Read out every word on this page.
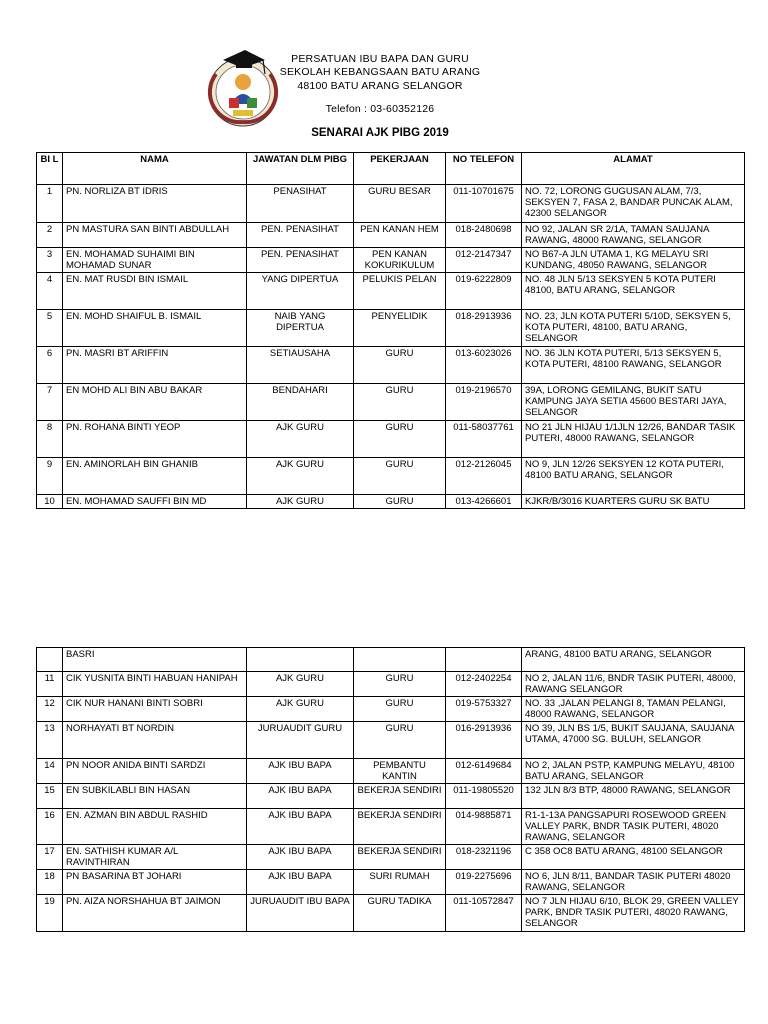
PERSATUAN IBU BAPA DAN GURU
SEKOLAH KEBANGSAAN BATU ARANG
48100 BATU ARANG SELANGOR
Telefon : 03-60352126
SENARAI AJK PIBG 2019
BI L	NAMA	JAWATAN DLM PIBG	PEKERJAAN	NO TELEFON	ALAMAT
1	PN. NORLIZA BT IDRIS	PENASIHAT	GURU BESAR	011-10701675	NO. 72, LORONG GUGUSAN ALAM, 7/3, SEKSYEN 7, FASA 2, BANDAR PUNCAK ALAM, 42300 SELANGOR
2	PN MASTURA SAN BINTI ABDULLAH	PEN. PENASIHAT	PEN KANAN HEM	018-2480698	NO 92, JALAN SR 2/1A, TAMAN SAUJANA RAWANG, 48000 RAWANG, SELANGOR
3	EN. MOHAMAD SUHAIMI BIN MOHAMAD SUNAR	PEN. PENASIHAT	PEN KANAN KOKURIKULUM	012-2147347	NO B67-A JLN UTAMA 1, KG MELAYU SRI KUNDANG, 48050 RAWANG, SELANGOR
4	EN. MAT RUSDI BIN ISMAIL	YANG DIPERTUA	PELUKIS PELAN	019-6222809	NO. 48 JLN 5/13 SEKSYEN 5 KOTA PUTERI 48100, BATU ARANG, SELANGOR
5	EN. MOHD SHAIFUL B. ISMAIL	NAIB YANG DIPERTUA	PENYELIDIK	018-2913936	NO. 23, JLN KOTA PUTERI 5/10D, SEKSYEN 5, KOTA PUTERI, 48100, BATU ARANG, SELANGOR
6	PN. MASRI BT ARIFFIN	SETIAUSAHA	GURU	013-6023026	NO. 36 JLN KOTA PUTERI, 5/13 SEKSYEN 5, KOTA PUTERI, 48100 RAWANG, SELANGOR
7	EN MOHD ALI BIN ABU BAKAR	BENDAHARI	GURU	019-2196570	39A, LORONG GEMILANG, BUKIT SATU KAMPUNG JAYA SETIA 45600 BESTARI JAYA, SELANGOR
8	PN. ROHANA BINTI YEOP	AJK GURU	GURU	011-58037761	NO 21 JLN HIJAU 1/1JLN 12/26, BANDAR TASIK PUTERI, 48000 RAWANG, SELANGOR
9	EN. AMINORLAH BIN GHANIB	AJK GURU	GURU	012-2126045	NO 9, JLN 12/26 SEKSYEN 12 KOTA PUTERI, 48100 BATU ARANG, SELANGOR
10	EN. MOHAMAD SAUFFI BIN MD	AJK GURU	GURU	013-4266601	KJKR/B/3016 KUARTERS GURU SK BATU
	BASRI				ARANG, 48100 BATU ARANG, SELANGOR
11	CIK YUSNITA BINTI HABUAN HANIPAH	AJK GURU	GURU	012-2402254	NO 2, JALAN 11/6, BNDR TASIK PUTERI, 48000, RAWANG SELANGOR
12	CIK NUR HANANI BINTI SOBRI	AJK GURU	GURU	019-5753327	NO. 33 ,JALAN PELANGI 8, TAMAN PELANGI, 48000 RAWANG, SELANGOR
13	NORHAYATI BT NORDIN	JURUAUDIT GURU	GURU	016-2913936	NO 39, JLN BS 1/5, BUKIT SAUJANA, SAUJANA UTAMA, 47000 SG. BULUH, SELANGOR
14	PN NOOR ANIDA BINTI SARDZI	AJK IBU BAPA	PEMBANTU KANTIN	012-6149684	NO 2, JALAN PSTP, KAMPUNG MELAYU, 48100 BATU ARANG, SELANGOR
15	EN SUBKILABLI BIN HASAN	AJK IBU BAPA	BEKERJA SENDIRI	011-19805520	132 JLN 8/3 BTP, 48000 RAWANG, SELANGOR
16	EN. AZMAN BIN ABDUL RASHID	AJK IBU BAPA	BEKERJA SENDIRI	014-9885871	R1-1-13A PANGSAPURI ROSEWOOD GREEN VALLEY PARK, BNDR TASIK PUTERI, 48020 RAWANG, SELANGOR
17	EN. SATHISH KUMAR A/L RAVINTHIRAN	AJK IBU BAPA	BEKERJA SENDIRI	018-2321196	C 358 OC8 BATU ARANG, 48100 SELANGOR
18	PN BASARINA BT JOHARI	AJK IBU BAPA	SURI RUMAH	019-2275696	NO 6, JLN 8/11, BANDAR TASIK PUTERI 48020 RAWANG, SELANGOR
19	PN. AIZA NORSHAHUA BT JAIMON	JURUAUDIT IBU BAPA	GURU TADIKA	011-10572847	NO 7 JLN HIJAU 6/10, BLOK 29, GREEN VALLEY PARK, BNDR TASIK PUTERI, 48020 RAWANG, SELANGOR
